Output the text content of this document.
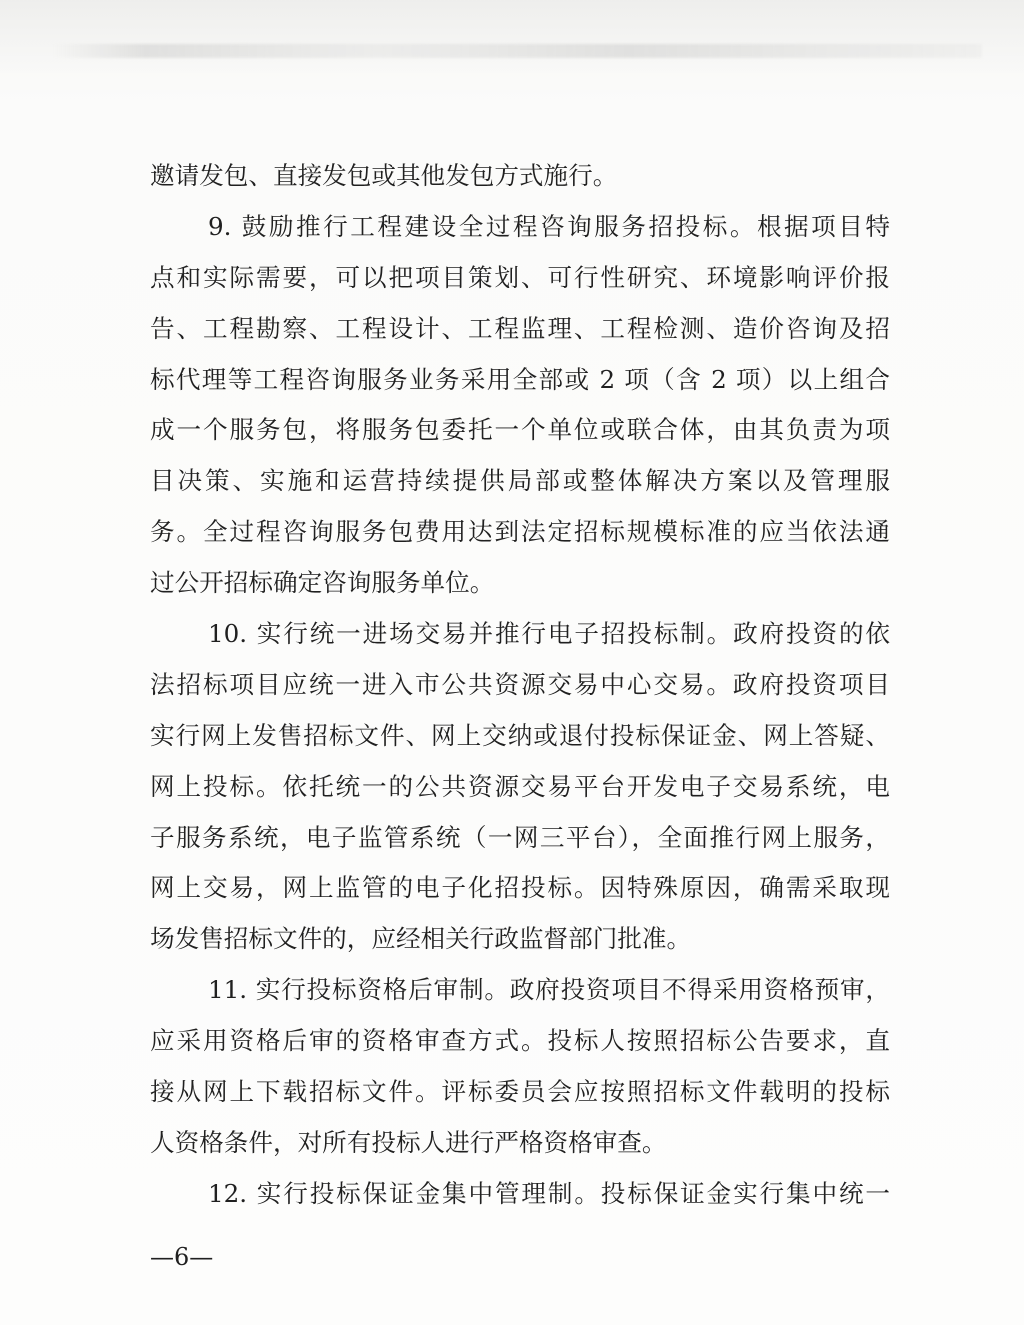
邀请发包、直接发包或其他发包方式施行。
9. 鼓励推行工程建设全过程咨询服务招投标。根据项目特
点和实际需要，可以把项目策划、可行性研究、环境影响评价报
告、工程勘察、工程设计、工程监理、工程检测、造价咨询及招
标代理等工程咨询服务业务采用全部或 2 项（含 2 项）以上组合
成一个服务包，将服务包委托一个单位或联合体，由其负责为项
目决策、实施和运营持续提供局部或整体解决方案以及管理服
务。全过程咨询服务包费用达到法定招标规模标准的应当依法通
过公开招标确定咨询服务单位。
10. 实行统一进场交易并推行电子招投标制。政府投资的依
法招标项目应统一进入市公共资源交易中心交易。政府投资项目
实行网上发售招标文件、网上交纳或退付投标保证金、网上答疑、
网上投标。依托统一的公共资源交易平台开发电子交易系统，电
子服务系统，电子监管系统（一网三平台），全面推行网上服务，
网上交易，网上监管的电子化招投标。因特殊原因，确需采取现
场发售招标文件的，应经相关行政监督部门批准。
11. 实行投标资格后审制。政府投资项目不得采用资格预审，
应采用资格后审的资格审查方式。投标人按照招标公告要求，直
接从网上下载招标文件。评标委员会应按照招标文件载明的投标
人资格条件，对所有投标人进行严格资格审查。
12. 实行投标保证金集中管理制。投标保证金实行集中统一
—6—
